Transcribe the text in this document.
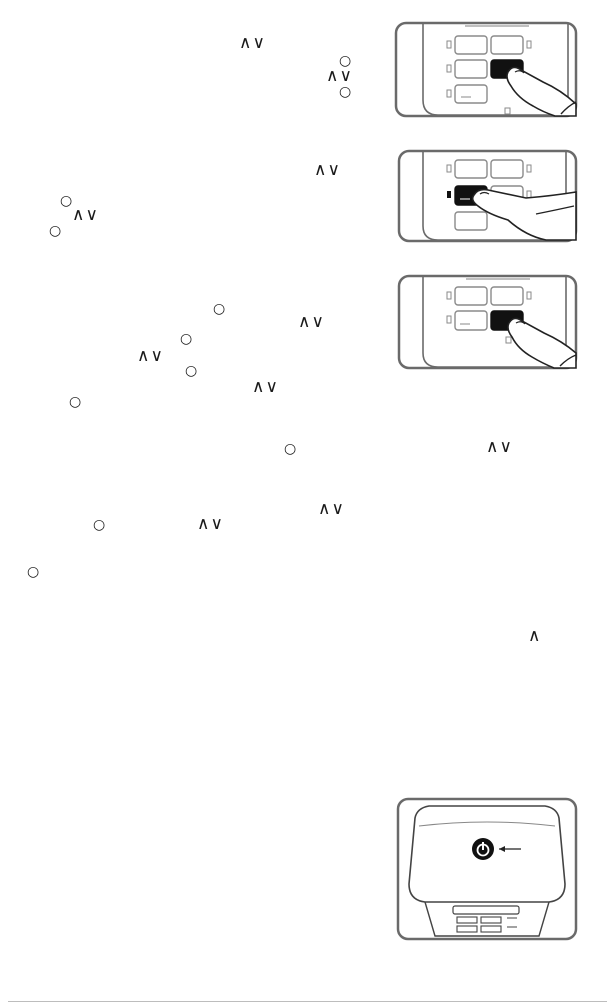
∧∨
○
∧∨
○
∧∨
○
∧∨
○
○
∧∨
○
∧∨
○
∧∨
○
○	∧∨
∧∨
○	∧∨
○
∧
